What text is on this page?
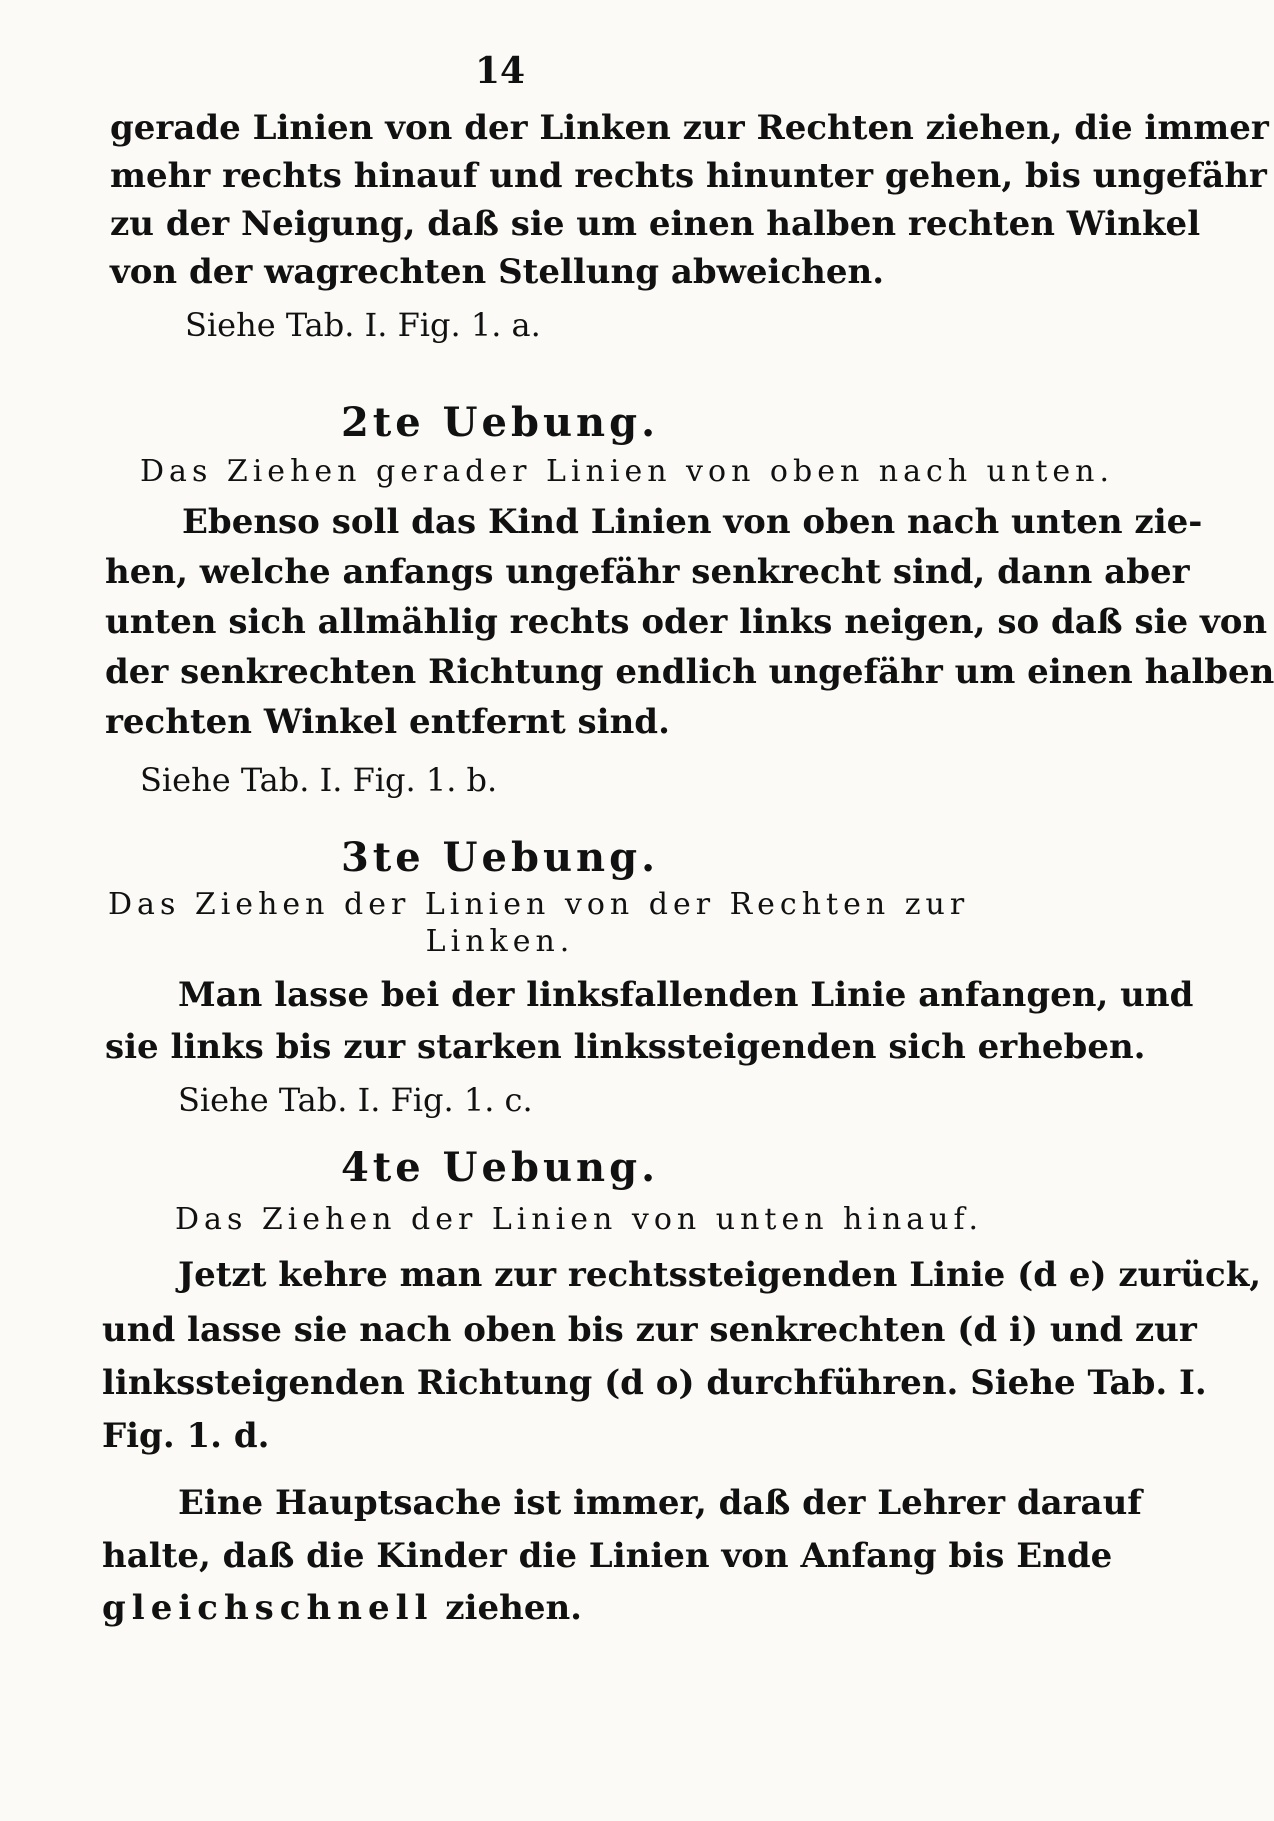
14
gerade Linien von der Linken zur Rechten ziehen, die immer
mehr rechts hinauf und rechts hinunter gehen, bis ungefähr
zu der Neigung, daß sie um einen halben rechten Winkel
von der wagrechten Stellung abweichen.
Siehe Tab. I. Fig. 1. a.
2te Uebung.
Das Ziehen gerader Linien von oben nach unten.
Ebenso soll das Kind Linien von oben nach unten zie-
hen, welche anfangs ungefähr senkrecht sind, dann aber
unten sich allmählig rechts oder links neigen, so daß sie von
der senkrechten Richtung endlich ungefähr um einen halben
rechten Winkel entfernt sind.
Siehe Tab. I. Fig. 1. b.
3te Uebung.
Das Ziehen der Linien von der Rechten zur
Linken.
Man lasse bei der linksfallenden Linie anfangen, und
sie links bis zur starken linkssteigenden sich erheben.
Siehe Tab. I. Fig. 1. c.
4te Uebung.
Das Ziehen der Linien von unten hinauf.
Jetzt kehre man zur rechtssteigenden Linie (d e) zurück,
und lasse sie nach oben bis zur senkrechten (d i) und zur
linkssteigenden Richtung (d o) durchführen. Siehe Tab. I.
Fig. 1. d.
Eine Hauptsache ist immer, daß der Lehrer darauf
halte, daß die Kinder die Linien von Anfang bis Ende
gleichschnell ziehen.
